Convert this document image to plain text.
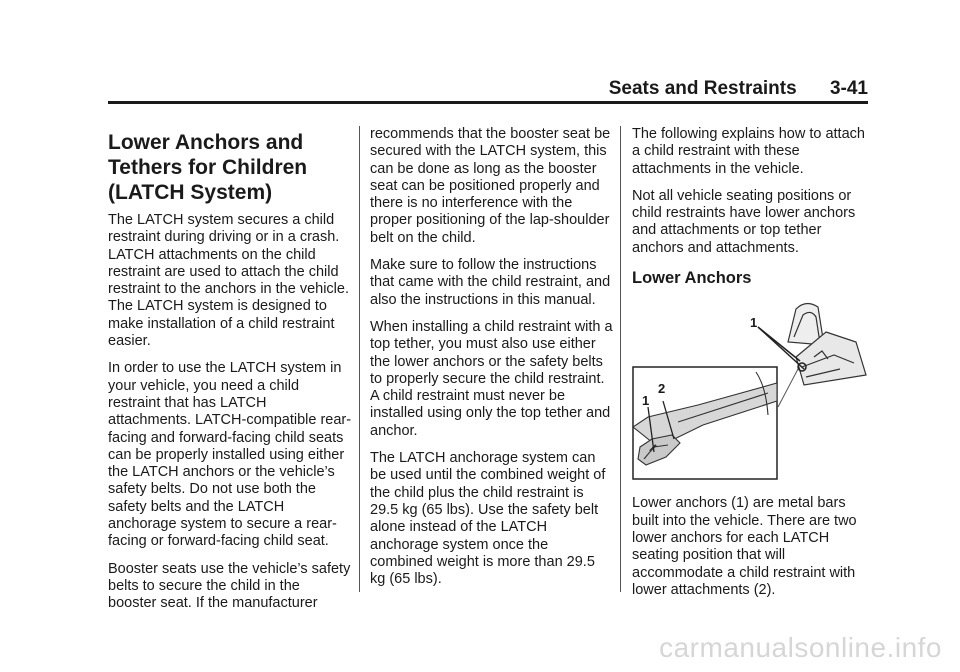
Seats and Restraints 3-41
Lower Anchors and
Tethers for Children
(LATCH System)

The LATCH system secures a child restraint during driving or in a crash. LATCH attachments on the child restraint are used to attach the child restraint to the anchors in the vehicle. The LATCH system is designed to make installation of a child restraint easier.

In order to use the LATCH system in your vehicle, you need a child restraint that has LATCH attachments. LATCH-compatible rear-facing and forward-facing child seats can be properly installed using either the LATCH anchors or the vehicle’s safety belts. Do not use both the safety belts and the LATCH anchorage system to secure a rear-facing or forward-facing child seat.

Booster seats use the vehicle’s safety belts to secure the child in the booster seat. If the manufacturer

recommends that the booster seat be secured with the LATCH system, this can be done as long as the booster seat can be positioned properly and there is no interference with the proper positioning of the lap-shoulder belt on the child.

Make sure to follow the instructions that came with the child restraint, and also the instructions in this manual.

When installing a child restraint with a top tether, you must also use either the lower anchors or the safety belts to properly secure the child restraint. A child restraint must never be installed using only the top tether and anchor.

The LATCH anchorage system can be used until the combined weight of the child plus the child restraint is 29.5 kg (65 lbs). Use the safety belt alone instead of the LATCH anchorage system once the combined weight is more than 29.5 kg (65 lbs).

The following explains how to attach a child restraint with these attachments in the vehicle.

Not all vehicle seating positions or child restraints have lower anchors and attachments or top tether anchors and attachments.

Lower Anchors
1
1
2

Lower anchors (1) are metal bars built into the vehicle. There are two lower anchors for each LATCH seating position that will accommodate a child restraint with lower attachments (2).

carmanualsonline.info
